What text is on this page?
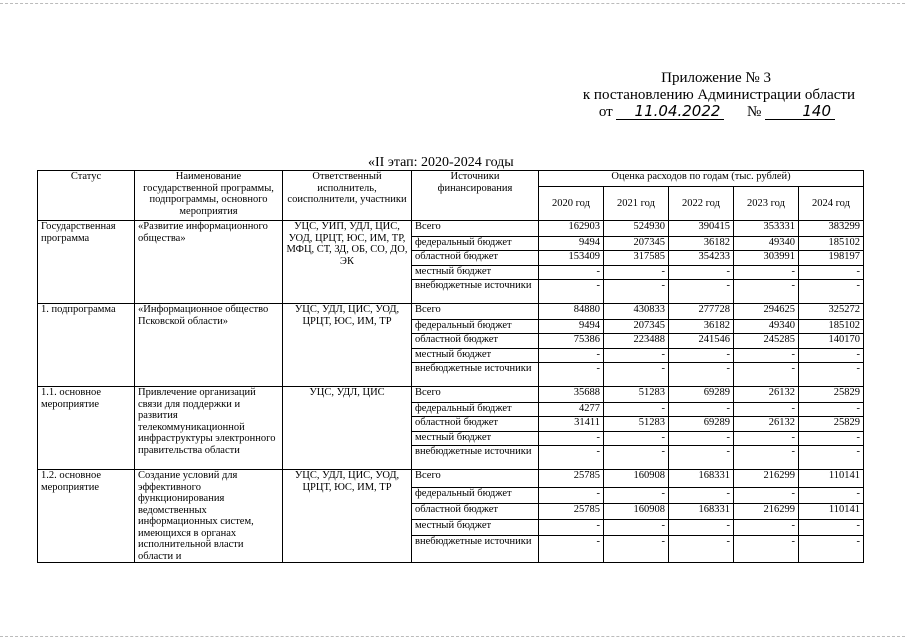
Приложение № 3
к постановлению Администрации области
от 11.04.2022 №	140
«II этап: 2020-2024 годы
Статус	Наименование государственной программы, подпрограммы, основного мероприятия	Ответственный исполнитель, соисполнители, участники	Источники финансирования	Оценка расходов по годам (тыс. рублей)				
				2020 год	2021 год	2022 год	2023 год	2024 год
Государственная программа	«Развитие информационного общества»	УЦС, УИП, УДЛ, ЦИС, УОД, ЦРЦТ, ЮС, ИМ, ТР, МФЦ, СТ, ЗД, ОБ, СО, ДО, ЭК	Всего	162903	524930	390415	353331	383299
			федеральный бюджет	9494	207345	36182	49340	185102
			областной бюджет	153409	317585	354233	303991	198197
			местный бюджет	-	-	-	-	-
			внебюджетные источники	-	-	-	-	-
1. подпрограмма	«Информационное общество Псковской области»	УЦС, УДЛ, ЦИС, УОД, ЦРЦТ, ЮС, ИМ, ТР	Всего	84880	430833	277728	294625	325272
			федеральный бюджет	9494	207345	36182	49340	185102
			областной бюджет	75386	223488	241546	245285	140170
			местный бюджет	-	-	-	-	-
			внебюджетные источники	-	-	-	-	-
1.1. основное мероприятие	Привлечение организаций связи для поддержки и развития телекоммуникационной инфраструктуры электронного правительства области	УЦС, УДЛ, ЦИС	Всего	35688	51283	69289	26132	25829
			федеральный бюджет	4277	-	-	-	-
			областной бюджет	31411	51283	69289	26132	25829
			местный бюджет	-	-	-	-	-
			внебюджетные источники	-	-	-	-	-
1.2. основное мероприятие	Создание условий для эффективного функционирования ведомственных информационных систем, имеющихся в органах исполнительной власти области и	УЦС, УДЛ, ЦИС, УОД, ЦРЦТ, ЮС, ИМ, ТР	Всего	25785	160908	168331	216299	110141
			федеральный бюджет	-	-	-	-	-
			областной бюджет	25785	160908	168331	216299	110141
			местный бюджет	-	-	-	-	-
			внебюджетные источники	-	-	-	-	-
